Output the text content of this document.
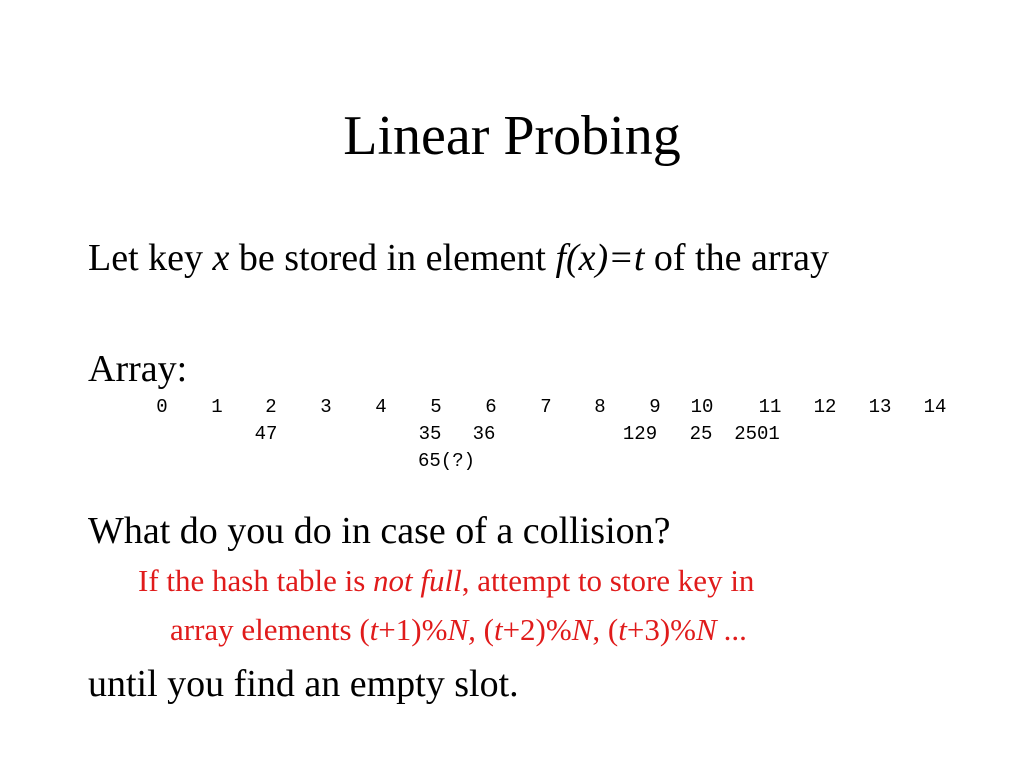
Linear Probing
Let key x be stored in element f(x)=t of the array
Array:
0 1 2 3 4 5 6 7 8 9 10 11 12 13 14
47	35 36	129 25 2501
65(?)
What do you do in case of a collision?
If the hash table is not full, attempt to store key in
array elements (t+1)%N, (t+2)%N, (t+3)%N ...
until you find an empty slot.
